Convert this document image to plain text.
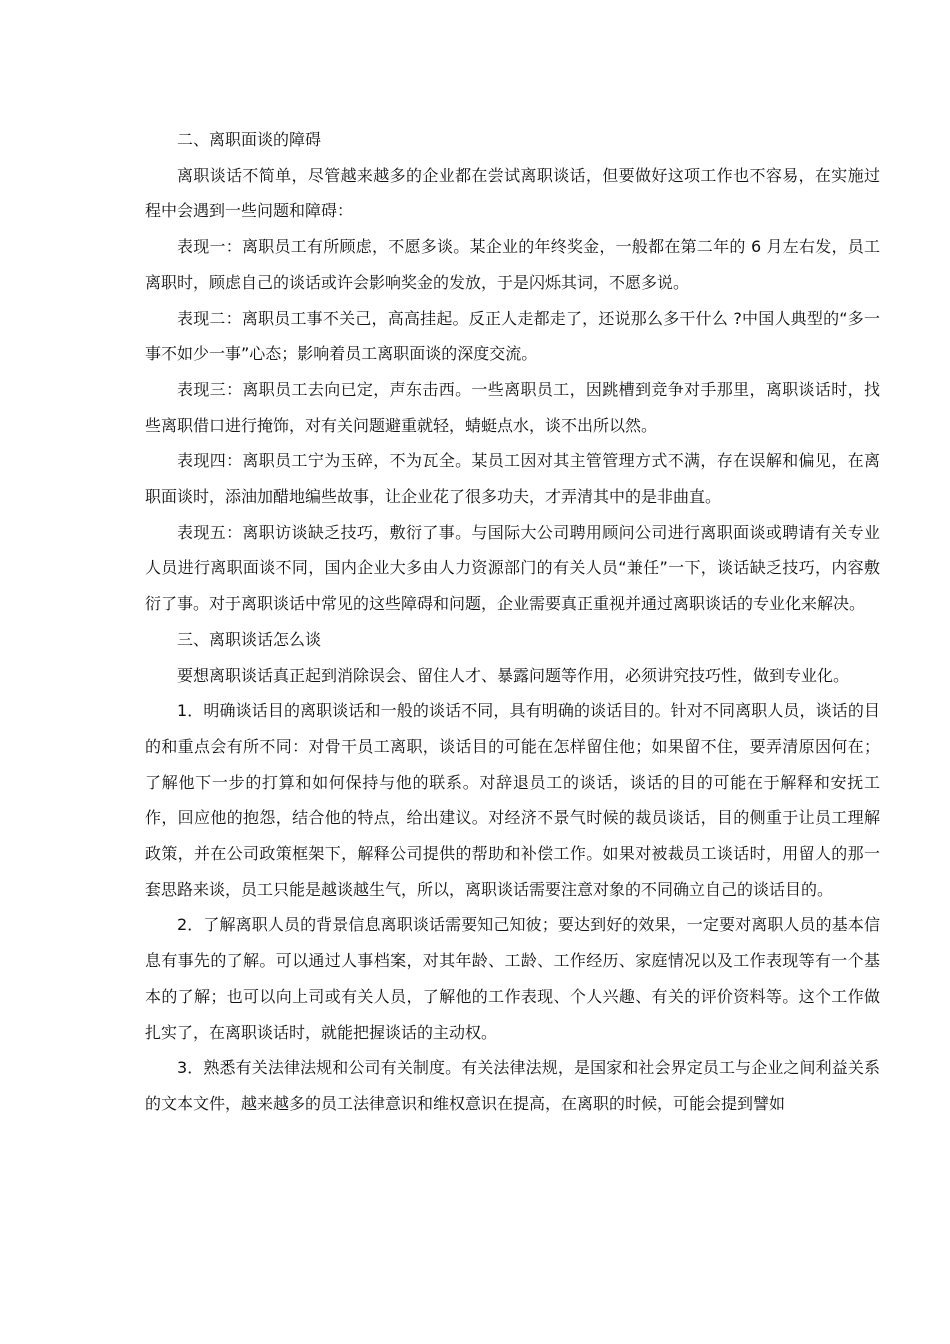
二、离职面谈的障碍

离职谈话不简单，尽管越来越多的企业都在尝试离职谈话，但要做好这项工作也不容易，在实施过程中会遇到一些问题和障碍：

表现一：离职员工有所顾虑，不愿多谈。某企业的年终奖金，一般都在第二年的 6 月左右发，员工离职时，顾虑自己的谈话或许会影响奖金的发放，于是闪烁其词，不愿多说。

表现二：离职员工事不关己，高高挂起。反正人走都走了，还说那么多干什么 ?中国人典型的“多一事不如少一事”心态；影响着员工离职面谈的深度交流。

表现三：离职员工去向已定，声东击西。一些离职员工，因跳槽到竞争对手那里，离职谈话时，找些离职借口进行掩饰，对有关问题避重就轻，蜻蜓点水，谈不出所以然。

表现四：离职员工宁为玉碎，不为瓦全。某员工因对其主管管理方式不满，存在误解和偏见，在离职面谈时，添油加醋地编些故事，让企业花了很多功夫，才弄清其中的是非曲直。

表现五：离职访谈缺乏技巧，敷衍了事。与国际大公司聘用顾问公司进行离职面谈或聘请有关专业人员进行离职面谈不同，国内企业大多由人力资源部门的有关人员“兼任”一下，谈话缺乏技巧，内容敷衍了事。对于离职谈话中常见的这些障碍和问题，企业需要真正重视并通过离职谈话的专业化来解决。

三、离职谈话怎么谈

要想离职谈话真正起到消除误会、留住人才、暴露问题等作用，必须讲究技巧性，做到专业化。

1．明确谈话目的离职谈话和一般的谈话不同，具有明确的谈话目的。针对不同离职人员，谈话的目的和重点会有所不同：对骨干员工离职，谈话目的可能在怎样留住他；如果留不住，要弄清原因何在；了解他下一步的打算和如何保持与他的联系。对辞退员工的谈话，谈话的目的可能在于解释和安抚工作，回应他的抱怨，结合他的特点，给出建议。对经济不景气时候的裁员谈话，目的侧重于让员工理解政策，并在公司政策框架下，解释公司提供的帮助和补偿工作。如果对被裁员工谈话时，用留人的那一套思路来谈，员工只能是越谈越生气，所以，离职谈话需要注意对象的不同确立自己的谈话目的。

2．了解离职人员的背景信息离职谈话需要知己知彼；要达到好的效果，一定要对离职人员的基本信息有事先的了解。可以通过人事档案，对其年龄、工龄、工作经历、家庭情况以及工作表现等有一个基本的了解；也可以向上司或有关人员，了解他的工作表现、个人兴趣、有关的评价资料等。这个工作做扎实了，在离职谈话时，就能把握谈话的主动权。

3．熟悉有关法律法规和公司有关制度。有关法律法规，是国家和社会界定员工与企业之间利益关系的文本文件，越来越多的员工法律意识和维权意识在提高，在离职的时候，可能会提到譬如
